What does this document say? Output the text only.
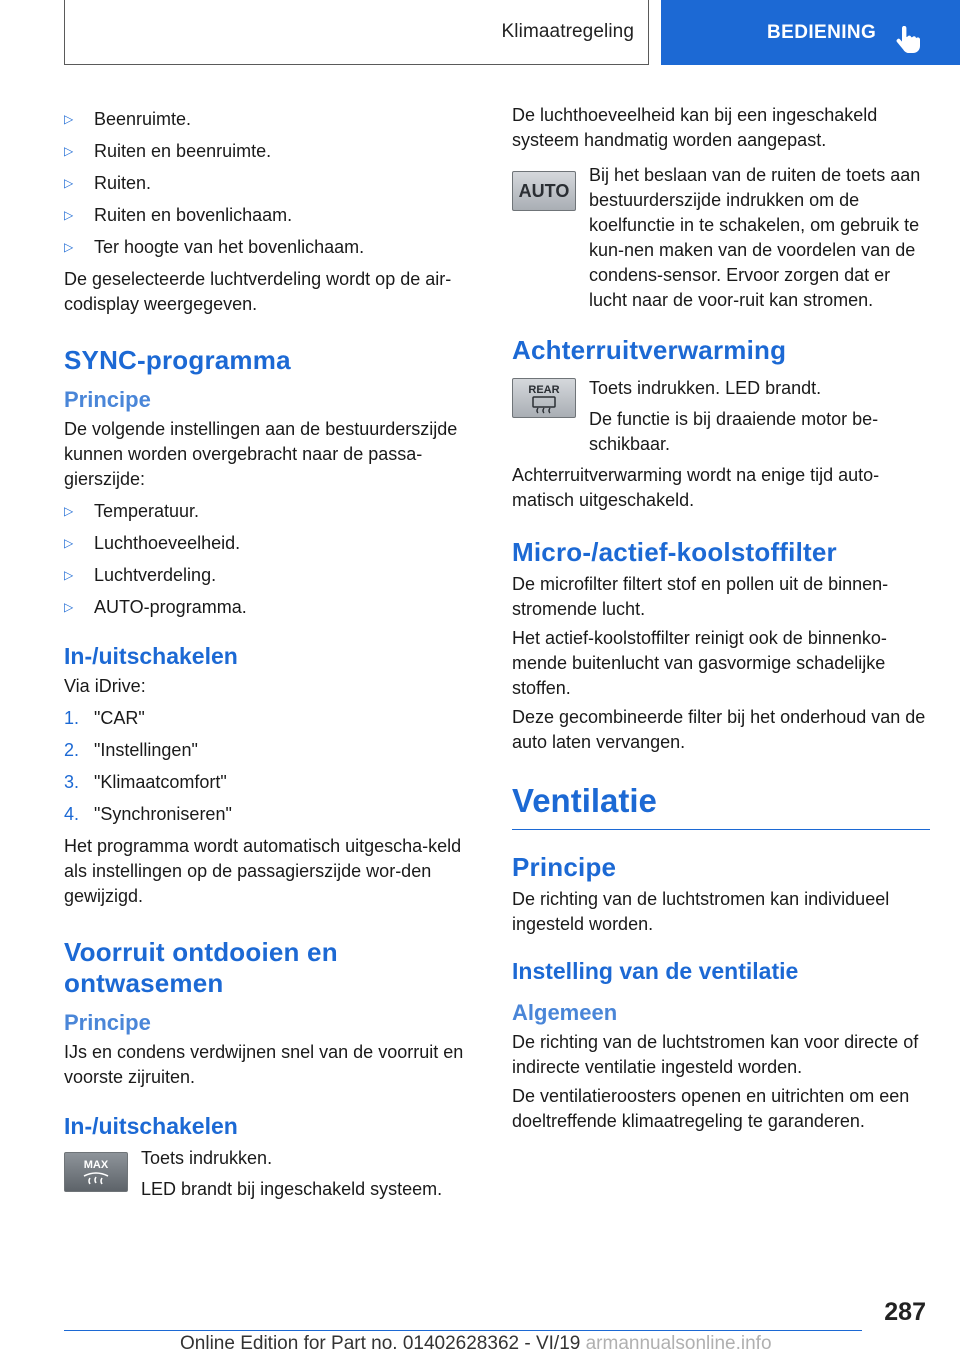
Klimaatregeling	BEDIENING
▷ Beenruimte.
▷ Ruiten en beenruimte.
▷ Ruiten.
▷ Ruiten en bovenlichaam.
▷ Ter hoogte van het bovenlichaam.

De geselecteerde luchtverdeling wordt op de air-codisplay weergegeven.

SYNC-programma
Principe

De volgende instellingen aan de bestuurderszijde kunnen worden overgebracht naar de passa-gierszijde:

▷ Temperatuur.
▷ Luchthoeveelheid.
▷ Luchtverdeling.
▷ AUTO-programma.
In-/uitschakelen

Via iDrive:

1. "CAR"
2. "Instellingen"
3. "Klimaatcomfort"
4. "Synchroniseren"

Het programma wordt automatisch uitgescha-keld als instellingen op de passagierszijde wor-den gewijzigd.

Voorruit ontdooien en ontwasemen
Principe

IJs en condens verdwijnen snel van de voorruit en voorste zijruiten.

In-/uitschakelen
MAX Toets indrukken.

LED brandt bij ingeschakeld systeem.

De luchthoeveelheid kan bij een ingeschakeld systeem handmatig worden aangepast.

AUTO

Bij het beslaan van de ruiten de toets aan bestuurderszijde indrukken om de koelfunctie in te schakelen, om gebruik te kun-nen maken van de voordelen van de condens-sensor. Ervoor zorgen dat er lucht naar de voor-ruit kan stromen.

Achterruitverwarming
REAR Toets indrukken. LED brandt.

De functie is bij draaiende motor be-schikbaar.

Achterruitverwarming wordt na enige tijd auto-matisch uitgeschakeld.

Micro-/actief-koolstoffilter

De microfilter filtert stof en pollen uit de binnen-stromende lucht.

Het actief-koolstoffilter reinigt ook de binnenko-mende buitenlucht van gasvormige schadelijke stoffen.

Deze gecombineerde filter bij het onderhoud van de auto laten vervangen.

Ventilatie
Principe

De richting van de luchtstromen kan individueel ingesteld worden.

Instelling van de ventilatie
Algemeen

De richting van de luchtstromen kan voor directe of indirecte ventilatie ingesteld worden.

De ventilatieroosters openen en uitrichten om een doeltreffende klimaatregeling te garanderen.

287
Online Edition for Part no. 01402628362 - VI/19 armannualsonline.info
